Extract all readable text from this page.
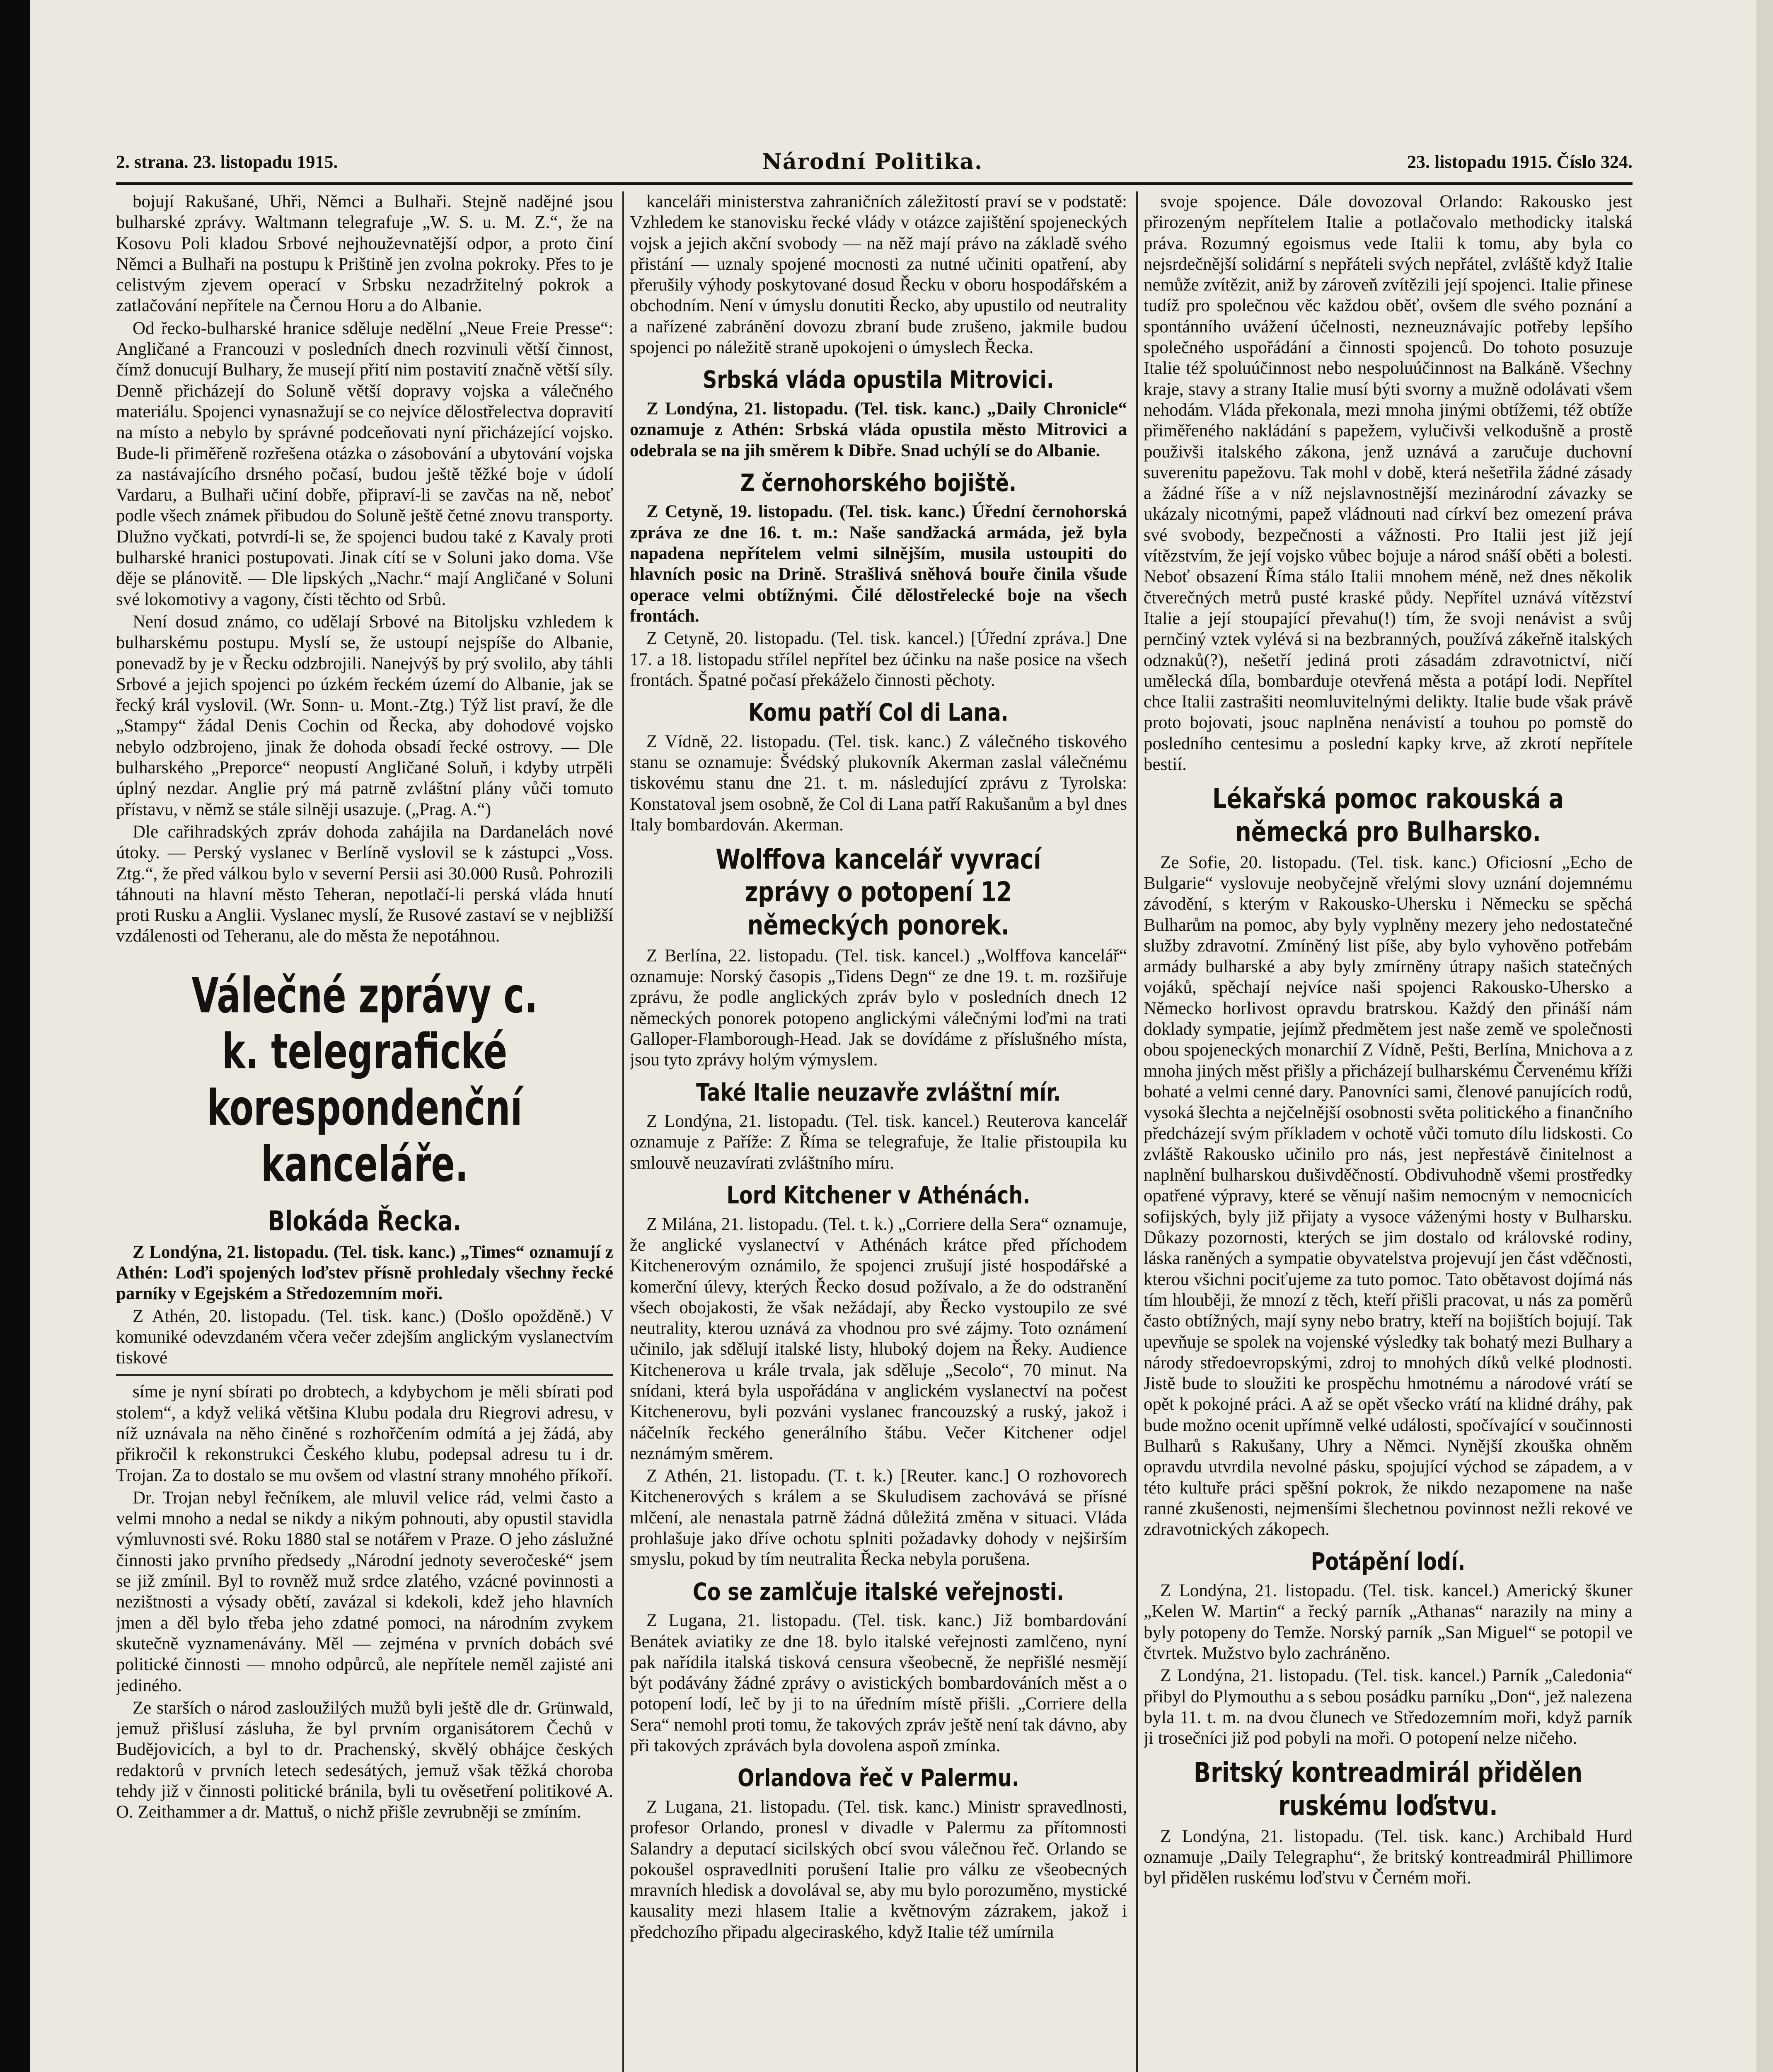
2. strana. 23. listopadu 1915.	Národní Politika.	23. listopadu 1915. Číslo 324.

bojují Rakušané, Uhři, Němci a Bulhaři. Stejně nadějné jsou bulharské zprávy. Waltmann telegrafuje „W. S. u. M. Z.“, že na Kosovu Poli kladou Srbové nejhouževnatější odpor, a proto činí Němci a Bulhaři na postupu k Prištině jen zvolna pokroky. Přes to je celistvým zjevem operací v Srbsku nezadržitelný pokrok a zatlačování nepřítele na Černou Horu a do Albanie.

Od řecko-bulharské hranice sděluje nedělní „Neue Freie Presse“: Angličané a Francouzi v posledních dnech rozvinuli větší činnost, čímž donucují Bulhary, že musejí přití nim postavití značně větší síly. Denně přicházejí do Soluně větší dopravy vojska a válečného materiálu. Spojenci vynasnažují se co nejvíce dělostřelectva dopravití na místo a nebylo by správné podceňovati nyní přicházející vojsko. Bude-li přiměřeně rozřešena otázka o zásobování a ubytování vojska za nastávajícího drsného počasí, budou ještě těžké boje v údolí Vardaru, a Bulhaři učiní dobře, připraví-li se zavčas na ně, neboť podle všech známek přibudou do Soluně ještě četné znovu transporty. Dlužno vyčkati, potvrdí-li se, že spojenci budou také z Kavaly proti bulharské hranici postupovati. Jinak cítí se v Soluni jako doma. Vše děje se plánovitě. — Dle lipských „Nachr.“ mají Angličané v Soluni své lokomotivy a vagony, čísti těchto od Srbů.

Není dosud známo, co udělají Srbové na Bitoljsku vzhledem k bulharskému postupu. Myslí se, že ustoupí nejspíše do Albanie, ponevadž by je v Řecku odzbrojili. Nanejvýš by prý svolilo, aby táhli Srbové a jejich spojenci po úzkém řeckém území do Albanie, jak se řecký král vyslovil. (Wr. Sonn- u. Mont.-Ztg.) Týž list praví, že dle „Stampy“ žádal Denis Cochin od Řecka, aby dohodové vojsko nebylo odzbrojeno, jinak že dohoda obsadí řecké ostrovy. — Dle bulharského „Preporce“ neopustí Angličané Soluň, i kdyby utrpěli úplný nezdar. Anglie prý má patrně zvláštní plány vůči tomuto přístavu, v němž se stále silněji usazuje. („Prag. A.“)

Dle cařihradských zpráv dohoda zahájila na Dardanelách nové útoky. — Perský vyslanec v Berlíně vyslovil se k zástupci „Voss. Ztg.“, že před válkou bylo v severní Persii asi 30.000 Rusů. Pohrozili táhnouti na hlavní město Teheran, nepotlačí-li perská vláda hnutí proti Rusku a Anglii. Vyslanec myslí, že Rusové zastaví se v nejbližší vzdálenosti od Teheranu, ale do města že nepotáhnou.

Válečné zprávy c. k. telegrafické korespondenční kanceláře.
Blokáda Řecka.

Z Londýna, 21. listopadu. (Tel. tisk. kanc.) „Times“ oznamují z Athén: Loďi spojených loďstev přísně prohledaly všechny řecké parníky v Egejském a Středozemním moři.

Z Athén, 20. listopadu. (Tel. tisk. kanc.) (Došlo opožděně.) V komuniké odevzdaném včera večer zdejším anglickým vyslanectvím tiskové

síme je nyní sbírati po drobtech, a kdybychom je měli sbírati pod stolem“, a když veliká většina Klubu podala dru Riegrovi adresu, v níž uznávala na něho činěné s rozhořčením odmítá a jej žádá, aby přikročil k rekonstrukci Českého klubu, podepsal adresu tu i dr. Trojan. Za to dostalo se mu ovšem od vlastní strany mnohého příkoří.

Dr. Trojan nebyl řečníkem, ale mluvil velice rád, velmi často a velmi mnoho a nedal se nikdy a nikým pohnouti, aby opustil stavidla výmluvnosti své. Roku 1880 stal se notářem v Praze. O jeho záslužné činnosti jako prvního předsedy „Národní jednoty severočeské“ jsem se již zmínil. Byl to rovněž muž srdce zlatého, vzácné povinnosti a nezištnosti a výsady obětí, zavázal si kdekoli, kdež jeho hlavních jmen a děl bylo třeba jeho zdatné pomoci, na národním zvykem skutečně vyznamenávány. Měl — zejména v prvních dobách své politické činnosti — mnoho odpůrců, ale nepřítele neměl zajisté ani jediného.

Ze starších o národ zasloužilých mužů byli ještě dle dr. Grünwald, jemuž přišlusí zásluha, že byl prvním organisátorem Čechů v Budějovicích, a byl to dr. Prachenský, skvělý obhájce českých redaktorů v prvních letech sedesátých, jemuž však těžká choroba tehdy již v činnosti politické bránila, byli tu ověsetření politikové A. O. Zeithammer a dr. Mattuš, o nichž přišle zevrubněji se zmíním.

kanceláři ministerstva zahraničních záležitostí praví se v podstatě: Vzhledem ke stanovisku řecké vlády v otázce zajištění spojeneckých vojsk a jejich akční svobody — na něž mají právo na základě svého přistání — uznaly spojené mocnosti za nutné učiniti opatření, aby přerušily výhody poskytované dosud Řecku v oboru hospodářském a obchodním. Není v úmyslu donutiti Řecko, aby upustilo od neutrality a nařízené zabránění dovozu zbraní bude zrušeno, jakmile budou spojenci po náležitě straně upokojeni o úmyslech Řecka.

Srbská vláda opustila Mitrovici.

Z Londýna, 21. listopadu. (Tel. tisk. kanc.) „Daily Chronicle“ oznamuje z Athén: Srbská vláda opustila město Mitrovici a odebrala se na jih směrem k Dibře. Snad uchýlí se do Albanie.

Z černohorského bojiště.

Z Cetyně, 19. listopadu. (Tel. tisk. kanc.) Úřední černohorská zpráva ze dne 16. t. m.: Naše sandžacká armáda, jež byla napadena nepřítelem velmi silnějším, musila ustoupiti do hlavních posic na Drině. Strašlivá sněhová bouře činila všude operace velmi obtížnými. Čilé dělostřelecké boje na všech frontách.

Z Cetyně, 20. listopadu. (Tel. tisk. kancel.) [Úřední zpráva.] Dne 17. a 18. listopadu střílel nepřítel bez účinku na naše posice na všech frontách. Špatné počasí překáželo činnosti pěchoty.

Komu patří Col di Lana.

Z Vídně, 22. listopadu. (Tel. tisk. kanc.) Z válečného tiskového stanu se oznamuje: Švédský plukovník Akerman zaslal válečnému tiskovému stanu dne 21. t. m. následující zprávu z Tyrolska: Konstatoval jsem osobně, že Col di Lana patří Rakušanům a byl dnes Italy bombardován. Akerman.

Wolffova kancelář vyvrací zprávy o potopení 12 německých ponorek.

Z Berlína, 22. listopadu. (Tel. tisk. kancel.) „Wolffova kancelář“ oznamuje: Norský časopis „Tidens Degn“ ze dne 19. t. m. rozšiřuje zprávu, že podle anglických zpráv bylo v posledních dnech 12 německých ponorek potopeno anglickými válečnými loďmi na trati Galloper-Flamborough-Head. Jak se dovídáme z příslušného místa, jsou tyto zprávy holým výmyslem.

Také Italie neuzavře zvláštní mír.

Z Londýna, 21. listopadu. (Tel. tisk. kancel.) Reuterova kancelář oznamuje z Paříže: Z Říma se telegrafuje, že Italie přistoupila ku smlouvě neuzavírati zvláštního míru.

Lord Kitchener v Athénách.

Z Milána, 21. listopadu. (Tel. t. k.) „Corriere della Sera“ oznamuje, že anglické vyslanectví v Athénách krátce před příchodem Kitchenerovým oznámilo, že spojenci zrušují jisté hospodářské a komerční úlevy, kterých Řecko dosud požívalo, a že do odstranění všech obojakosti, že však nežádají, aby Řecko vystoupilo ze své neutrality, kterou uznává za vhodnou pro své zájmy. Toto oznámení učinilo, jak sdělují italské listy, hluboký dojem na Řeky. Audience Kitchenerova u krále trvala, jak sděluje „Secolo“, 70 minut. Na snídani, která byla uspořádána v anglickém vyslanectví na počest Kitchenerovu, byli pozváni vyslanec francouzský a ruský, jakož i náčelník řeckého generálního štábu. Večer Kitchener odjel neznámým směrem.

Z Athén, 21. listopadu. (T. t. k.) [Reuter. kanc.] O rozhovorech Kitchenerových s králem a se Skuludisem zachovává se přísné mlčení, ale nenastala patrně žádná důležitá změna v situaci. Vláda prohlašuje jako dříve ochotu splniti požadavky dohody v nejširším smyslu, pokud by tím neutralita Řecka nebyla porušena.

Co se zamlčuje italské veřejnosti.

Z Lugana, 21. listopadu. (Tel. tisk. kanc.) Již bombardování Benátek aviatiky ze dne 18. bylo italské veřejnosti zamlčeno, nyní pak nařídila italská tisková censura všeobecně, že nepřišlé nesmějí být podávány žádné zprávy o avistických bombardováních měst a o potopení lodí, leč by ji to na úředním místě přišli. „Corriere della Sera“ nemohl proti tomu, že takových zpráv ještě není tak dávno, aby při takových zprávách byla dovolena aspoň zmínka.

Orlandova řeč v Palermu.

Z Lugana, 21. listopadu. (Tel. tisk. kanc.) Ministr spravedlnosti, profesor Orlando, pronesl v divadle v Palermu za přítomnosti Salandry a deputací sicilských obcí svou válečnou řeč. Orlando se pokoušel ospravedlniti porušení Italie pro válku ze všeobecných mravních hledisk a dovolával se, aby mu bylo porozuměno, mystické kausality mezi hlasem Italie a květnovým zázrakem, jakož i předchozího připadu algeciraského, když Italie též umírnila

svoje spojence. Dále dovozoval Orlando: Rakousko jest přirozeným nepřítelem Italie a potlačovalo methodicky italská práva. Rozumný egoismus vede Italii k tomu, aby byla co nejsrdečnější solidární s nepřáteli svých nepřátel, zvláště když Italie nemůže zvítězit, aniž by zároveň zvítězili její spojenci. Italie přinese tudíž pro společnou věc každou oběť, ovšem dle svého poznání a spontánního uvážení účelnosti, nezneuznávajíc potřeby lepšího společného uspořádání a činnosti spojenců. Do tohoto posuzuje Italie též spoluúčinnost nebo nespoluúčinnost na Balkáně. Všechny kraje, stavy a strany Italie musí býti svorny a mužně odolávati všem nehodám. Vláda překonala, mezi mnoha jinými obtížemi, též obtíže přiměřeného nakládání s papežem, vylučivši velkodušně a prostě použivši italského zákona, jenž uznává a zaručuje duchovní suverenitu papežovu. Tak mohl v době, která nešetřila žádné zásady a žádné říše a v níž nejslavnostnější mezinárodní závazky se ukázaly nicotnými, papež vládnouti nad církví bez omezení práva své svobody, bezpečnosti a vážnosti. Pro Italii jest již její vítězstvím, že její vojsko vůbec bojuje a národ snáší oběti a bolesti. Neboť obsazení Říma stálo Italii mnohem méně, než dnes několik čtverečných metrů pusté kraské půdy. Nepřítel uznává vítězství Italie a její stoupající převahu(!) tím, že svoji nenávist a svůj pernčiný vztek vylévá si na bezbranných, používá zákeřně italských odznaků(?), nešetří jediná proti zásadám zdravotnictví, ničí umělecká díla, bombarduje otevřená města a potápí lodi. Nepřítel chce Italii zastrašiti neomluvitelnými delikty. Italie bude však právě proto bojovati, jsouc naplněna nenávistí a touhou po pomstě do posledního centesimu a poslední kapky krve, až zkrotí nepřítele bestií.

Lékařská pomoc rakouská a německá pro Bulharsko.

Ze Sofie, 20. listopadu. (Tel. tisk. kanc.) Oficiosní „Echo de Bulgarie“ vyslovuje neobyčejně vřelými slovy uznání dojemnému závodění, s kterým v Rakousko-Uhersku i Německu se spěchá Bulharům na pomoc, aby byly vyplněny mezery jeho nedostatečné služby zdravotní. Zmíněný list píše, aby bylo vyhověno potřebám armády bulharské a aby byly zmírněny útrapy našich statečných vojáků, spěchají nejvíce naši spojenci Rakousko-Uhersko a Německo horlivost opravdu bratrskou. Každý den přináší nám doklady sympatie, jejímž předmětem jest naše země ve společnosti obou spojeneckých monarchií Z Vídně, Pešti, Berlína, Mnichova a z mnoha jiných měst přišly a přicházejí bulharskému Červenému kříži bohaté a velmi cenné dary. Panovníci sami, členové panujících rodů, vysoká šlechta a nejčelnější osobnosti světa politického a finančního předcházejí svým příkladem v ochotě vůči tomuto dílu lidskosti. Co zvláště Rakousko učinilo pro nás, jest nepřestávě činitelnost a naplnění bulharskou dušivděčností. Obdivuhodně všemi prostředky opatřené výpravy, které se věnují našim nemocným v nemocnicích sofijských, byly již přijaty a vysoce váženými hosty v Bulharsku. Důkazy pozornosti, kterých se jim dostalo od královské rodiny, láska raněných a sympatie obyvatelstva projevují jen část vděčnosti, kterou všichni pociťujeme za tuto pomoc. Tato obětavost dojímá nás tím hlouběji, že mnozí z těch, kteří přišli pracovat, u nás za poměrů často obtížných, mají syny nebo bratry, kteří na bojištích bojují. Tak upevňuje se spolek na vojenské výsledky tak bohatý mezi Bulhary a národy středoevropskými, zdroj to mnohých díků velké plodnosti. Jistě bude to sloužiti ke prospěchu hmotnému a národové vrátí se opět k pokojné práci. A až se opět všecko vrátí na klidné dráhy, pak bude možno ocenit upřímně velké události, spočívající v součinnosti Bulharů s Rakušany, Uhry a Němci. Nynější zkouška ohněm opravdu utvrdila nevolné pásku, spojující východ se západem, a v této kultuře práci spěšní pokrok, že nikdo nezapomene na naše ranné zkušenosti, nejmenšími šlechetnou povinnost nežli rekové ve zdravotnických zákopech.

Potápění lodí.

Z Londýna, 21. listopadu. (Tel. tisk. kancel.) Americký škuner „Kelen W. Martin“ a řecký parník „Athanas“ narazily na miny a byly potopeny do Temže. Norský parník „San Miguel“ se potopil ve čtvrtek. Mužstvo bylo zachráněno.

Z Londýna, 21. listopadu. (Tel. tisk. kancel.) Parník „Caledonia“ přibyl do Plymouthu a s sebou posádku parníku „Don“, jež nalezena byla 11. t. m. na dvou člunech ve Středozemním moři, když parník ji trosečníci již pod pobyli na moři. O potopení nelze ničeho.

Britský kontreadmirál přidělen ruskému loďstvu.

Z Londýna, 21. listopadu. (Tel. tisk. kanc.) Archibald Hurd oznamuje „Daily Telegraphu“, že britský kontreadmirál Phillimore byl přidělen ruskému loďstvu v Černém moři.
